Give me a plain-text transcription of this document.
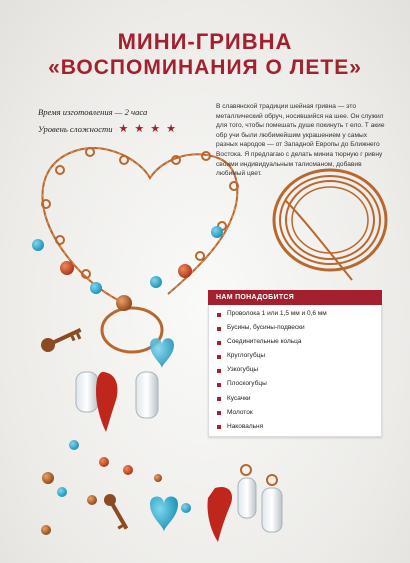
МИНИ-ГРИВНА
«ВОСПОМИНАНИЯ О ЛЕТЕ»
Время изготовления — 2 часа
Уровень сложности ★★★★
В славянской традиции шейная гривна — это металлический обруч, носившийся на шее. Он служил для того, чтобы помешать душе покинуть т ело. Т акие обр учи были любимейшим украшением у самых разных народов — от Западной Европы до Ближнего Востока. Я предлагаю с делать миниа тюрную г ривну своими индивидуальным талисманом, добавив любимый цвет.
НАМ ПОНАДОБИТСЯ
Проволока 1 или 1,5 мм и 0,6 мм
Бусины, бусины-подвески
Соединительные кольца
Круглогубцы
Узкогубцы
Плоскогубцы
Кусачки
Молоток
Наковальня
